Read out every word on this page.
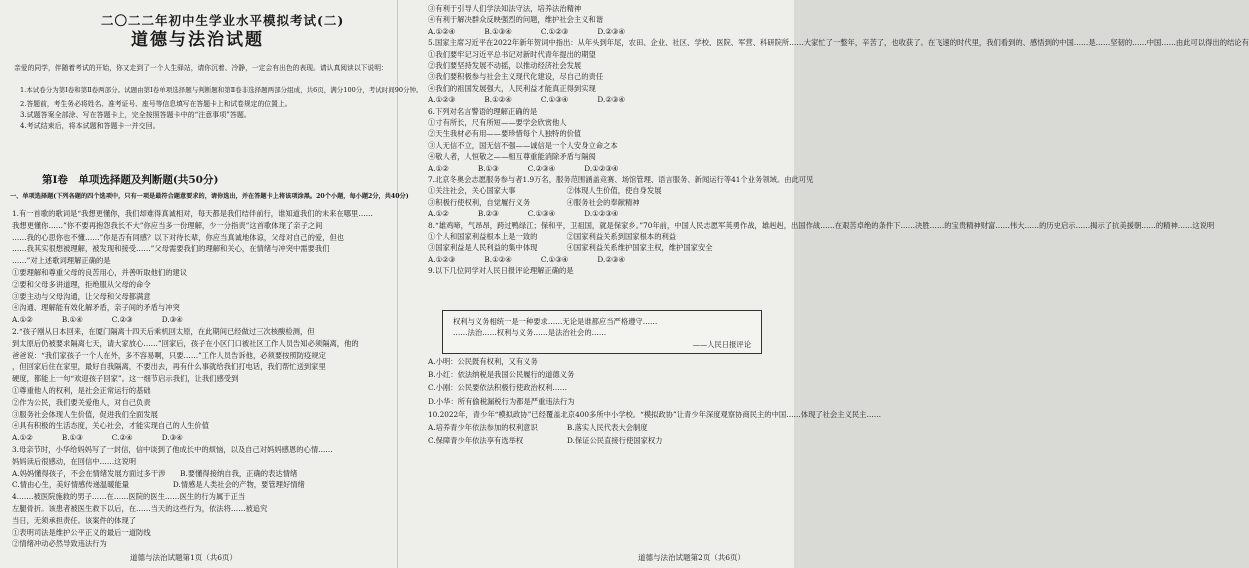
二〇二二年初中生学业水平模拟考试(二)
道德与法治试题
亲爱的同学，伴随着考试的开始，你又走到了一个人生驿站，请你沉着、冷静，一定会有出色的表现。请认真阅读以下说明：
1.本试卷分为第Ⅰ卷和第Ⅱ卷两部分。试题由第Ⅰ卷单项选择题与判断题和第Ⅱ卷非选择题两部分组成，共6页，满分100分，考试时间90分钟。
2.答题前，考生务必将姓名、准考证号、座号等信息填写在答题卡上和试卷规定的位置上。
3.试题答案全部涂、写在答题卡上，完全按照答题卡中的“注意事项”答题。
4.考试结束后，将本试题和答题卡一并交回。
第Ⅰ卷　单项选择题及判断题(共50分)
一、单项选择题(下列各题的四个选项中，只有一项是最符合题意要求的，请你选出，并在答题卡上将该项涂黑。20个小题，每小题2分，共40分)
1.有一首歌的歌词是“我想更懂你，我们却难得真诚相对，每天都是我们结伴前行，谁知道我们的未来在哪里……
我想更懂你……”你不要再抱怨我长不大”你应当多一份理解，少一分指责”这首歌体现了亲子之间
……我的心思你也不懂……”你是否有同感？以下对待长辈，你应当真诚地体谅，父母对自己的爱，但也
……我其实很想被理解，被发现和接受……”父母需要我们的理解和关心，在情绪与冲突中需要我们
……”对上述歌词理解正确的是
①要理解和尊重父母的良苦用心，并善听取他们的建议
②要和父母多讲道理，拒绝服从父母的命令
③要主动与父母沟通，让父母和父母都满意
④沟通、理解能有效化解矛盾，亲子间的矛盾与冲突
A.①②　　　　B.①④　　　　C.②③　　　　D.③④
2.“孩子刚从日本回来，在厦门隔离十四天后乘机回太原，在此期间已经做过三次核酸检测，但
到太原后仍被要求隔离七天，请大家放心……”回家后，孩子在小区门口被社区工作人员告知必须隔离，他的
爸爸说：“我们家孩子一个人在外，多不容易啊，只要……”工作人员告诉他，必须要按照防疫规定
，但回家后住在家里，最好自我隔离，不要出去，再有什么事就给我们打电话，我们帮忙送到家里
硬度，都能上一句“欢迎孩子回家”。这一细节启示我们，让我们感受到
①尊重他人的权利，是社会正常运行的基础
②作为公民，我们要关爱他人，对自己负责
③服务社会体现人生价值，促进我们全面发展
④具有积极的生活态度，关心社会，才能实现自己的人生价值
A.①②　　　　B.①③　　　　C.②④　　　　D.③④
3.母亲节时，小华给妈妈写了一封信，信中谈到了他成长中的烦恼，以及自己对妈妈感恩的心情……
妈妈读后很感动，在回信中……这说明
A.妈妈懂得孩子，不会在情绪发展方面过多干涉　　B.要懂得接纳自我，正确的表达情绪
C.情由心生，美好情感传递温暖能量　　　　　　D.情感是人类社会的产物，要管理好情绪
4.……被医院施救的男子……在……医院的医生……医生的行为属于正当
左腿骨折。该患者被医生救下以后，在……当天的这些行为，依法将……被追究
当日，无须承担责任。该案件的体现了
①表明司法是维护公平正义的最后一道防线
②情绪冲动必然导致违法行为
道德与法治试题第1页（共6页）
③有利于引导人们学法知法守法，培养法治精神
④有利于解决群众反映强烈的问题，维护社会主义和谐
A.①②④　　　　B.①③④　　　　C.①②③　　　　D.②③④
5.国家主席习近平在2022年新年贺词中指出：从年头到年尾，农田、企业、社区、学校、医院、军营、科研院所……大家忙了一整年，辛苦了，也收获了。在飞速的时代里，我们看到的、感悟到的中国……是……坚韧的……中国……由此可以得出的结论有
①我们要牢记习近平总书记对新时代青年提出的期望
②我们要坚持发展不动摇，以推动经济社会发展
③我们要积极参与社会主义现代化建设，尽自己的责任
④我们的祖国发展强大，人民利益才能真正得到实现
A.①②③　　　　B.①②④　　　　C.①③④　　　　D.②③④
6.下列对名言警语的理解正确的是
①寸有所长，尺有所短——要学会欣赏他人
②天生我材必有用——要珍惜每个人独特的价值
③人无信不立，国无信不强——诚信是一个人安身立命之本
④敬人者，人恒敬之——相互尊重能消除矛盾与隔阂
A.①②　　　　B.①③　　　　C.②③④　　　　D.①②③④
7.北京冬奥会志愿服务参与者1.9万名，服务范围涵盖竞赛、场馆管理、语言服务、新闻运行等41个业务领域。由此可见
①关注社会，关心国家大事　　　　　　　②体现人生价值，使自身发展
③积极行使权利，自觉履行义务　　　　　④服务社会的奉献精神
A.①②　　　　B.②③　　　　C.①③④　　　　D.①②③④
8.“雄鸡啼，气昂昂，跨过鸭绿江；保和平，卫祖国，就是保家乡。”70年前，中国人民志愿军英勇作战，雄赳赳，出国作战……在艰苦卓绝的条件下……决胜……的宝贵精神财富……伟大……的历史启示……揭示了抗美援朝……的精神……这说明
①个人和国家利益根本上是一致的　　　　②国家利益关系到国家根本的利益
③国家利益是人民利益的集中体现　　　　④国家利益关系维护国家主权，维护国家安全
A.①②③　　　　B.①②④　　　　C.①③④　　　　D.②③④
9.以下几位同学对人民日报评论理解正确的是
权利与义务相统一是一种要求……无论是谁都应当严格遵守……
……法治……权利与义务……是法治社会的……
——人民日报评论
A.小明：公民既有权利，又有义务
B.小红：依法纳税是我国公民履行的道德义务
C.小刚：公民要依法积极行使政治权利……
D.小华：所有偷税漏税行为都是严重违法行为
10.2022年，青少年“模拟政协”已经覆盖北京400多所中小学校。“模拟政协”让青少年深度观察协商民主的中国……体现了社会主义民主……
A.培养青少年依法参加的权利意识　　　　B.落实人民代表大会制度
C.保障青少年依法享有选举权　　　　　　D.保证公民直接行使国家权力
道德与法治试题第2页（共6页）
